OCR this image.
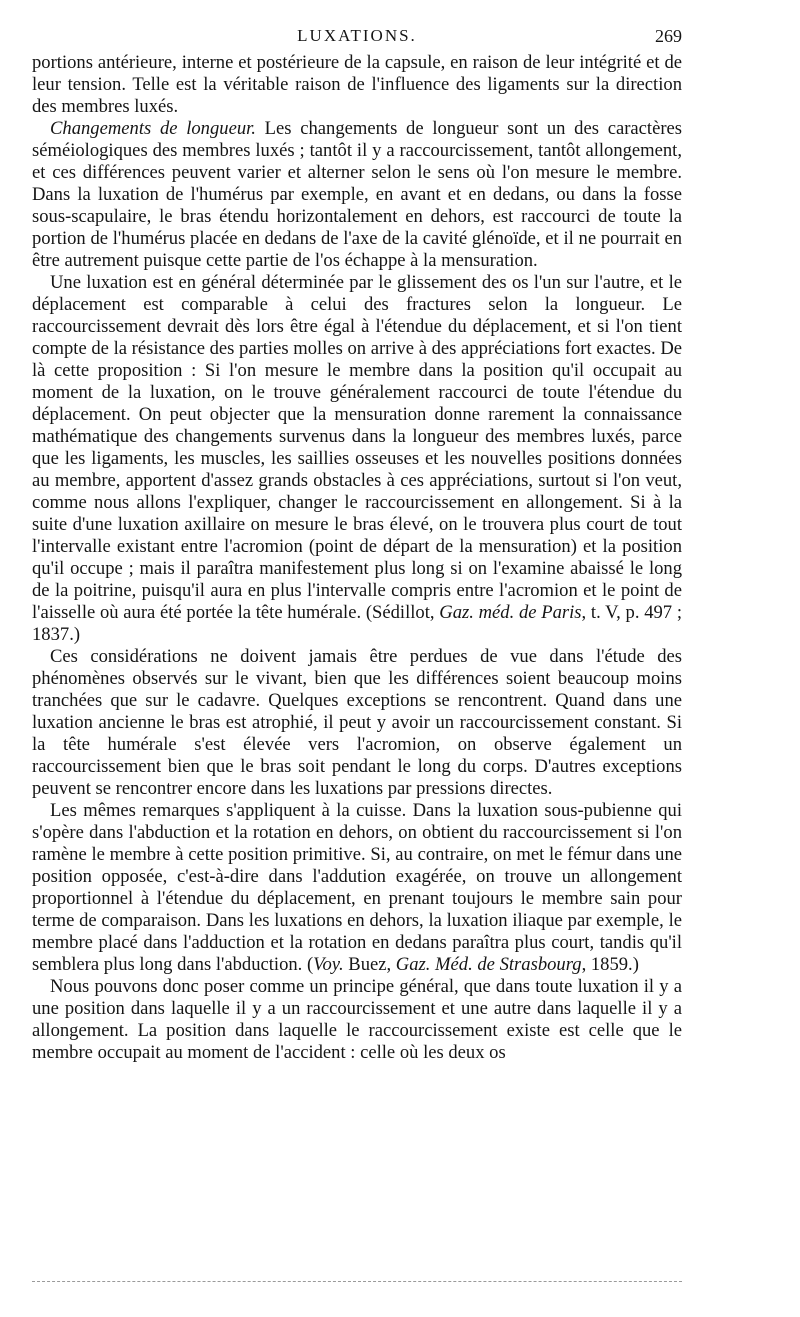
LUXATIONS.	269

portions antérieure, interne et postérieure de la capsule, en raison de leur intégrité et de leur tension. Telle est la véritable raison de l'influence des ligaments sur la direction des membres luxés.

Changements de longueur. Les changements de longueur sont un des caractères séméiologiques des membres luxés ; tantôt il y a raccourcissement, tantôt allongement, et ces différences peuvent varier et alterner selon le sens où l'on mesure le membre. Dans la luxation de l'humérus par exemple, en avant et en dedans, ou dans la fosse sous-scapulaire, le bras étendu horizontalement en dehors, est raccourci de toute la portion de l'humérus placée en dedans de l'axe de la cavité glénoïde, et il ne pourrait en être autrement puisque cette partie de l'os échappe à la mensuration.

Une luxation est en général déterminée par le glissement des os l'un sur l'autre, et le déplacement est comparable à celui des fractures selon la longueur. Le raccourcissement devrait dès lors être égal à l'étendue du déplacement, et si l'on tient compte de la résistance des parties molles on arrive à des appréciations fort exactes. De là cette proposition : Si l'on mesure le membre dans la position qu'il occupait au moment de la luxation, on le trouve généralement raccourci de toute l'étendue du déplacement. On peut objecter que la mensuration donne rarement la connaissance mathématique des changements survenus dans la longueur des membres luxés, parce que les ligaments, les muscles, les saillies osseuses et les nouvelles positions données au membre, apportent d'assez grands obstacles à ces appréciations, surtout si l'on veut, comme nous allons l'expliquer, changer le raccourcissement en allongement. Si à la suite d'une luxation axillaire on mesure le bras élevé, on le trouvera plus court de tout l'intervalle existant entre l'acromion (point de départ de la mensuration) et la position qu'il occupe ; mais il paraîtra manifestement plus long si on l'examine abaissé le long de la poitrine, puisqu'il aura en plus l'intervalle compris entre l'acromion et le point de l'aisselle où aura été portée la tête humérale. (Sédillot, Gaz. méd. de Paris, t. V, p. 497 ; 1837.)

Ces considérations ne doivent jamais être perdues de vue dans l'étude des phénomènes observés sur le vivant, bien que les différences soient beaucoup moins tranchées que sur le cadavre. Quelques exceptions se rencontrent. Quand dans une luxation ancienne le bras est atrophié, il peut y avoir un raccourcissement constant. Si la tête humérale s'est élevée vers l'acromion, on observe également un raccourcissement bien que le bras soit pendant le long du corps. D'autres exceptions peuvent se rencontrer encore dans les luxations par pressions directes.

Les mêmes remarques s'appliquent à la cuisse. Dans la luxation sous-pubienne qui s'opère dans l'abduction et la rotation en dehors, on obtient du raccourcissement si l'on ramène le membre à cette position primitive. Si, au contraire, on met le fémur dans une position opposée, c'est-à-dire dans l'addution exagérée, on trouve un allongement proportionnel à l'étendue du déplacement, en prenant toujours le membre sain pour terme de comparaison. Dans les luxations en dehors, la luxation iliaque par exemple, le membre placé dans l'adduction et la rotation en dedans paraîtra plus court, tandis qu'il semblera plus long dans l'abduction. (Voy. Buez, Gaz. Méd. de Strasbourg, 1859.)

Nous pouvons donc poser comme un principe général, que dans toute luxation il y a une position dans laquelle il y a un raccourcissement et une autre dans laquelle il y a allongement. La position dans laquelle le raccourcissement existe est celle que le membre occupait au moment de l'accident : celle où les deux os
